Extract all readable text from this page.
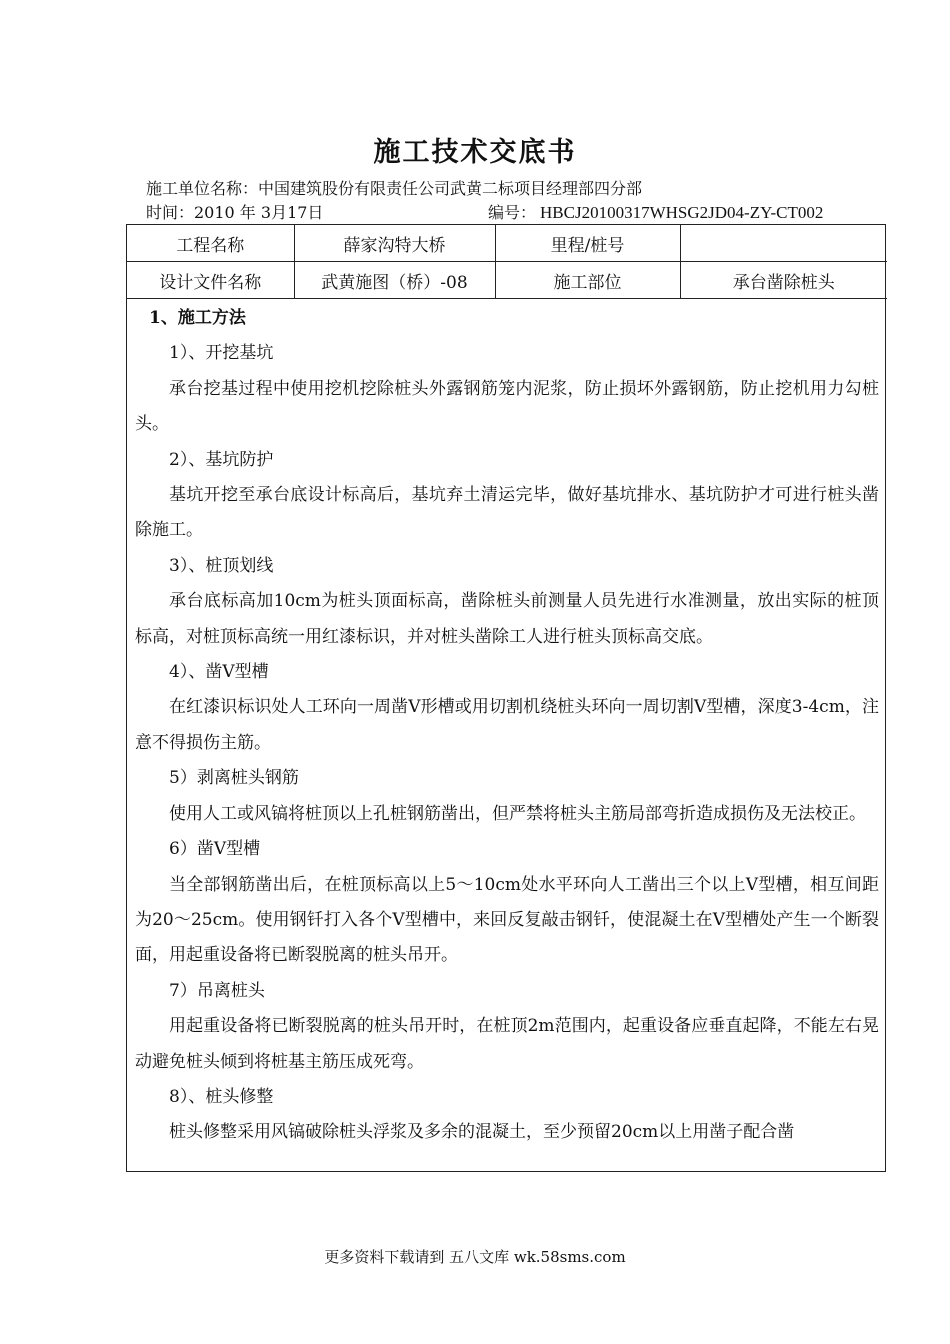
施工技术交底书
施工单位名称：中国建筑股份有限责任公司武黄二标项目经理部四分部
时间：2010 年 3月17日	编号： HBCJ20100317WHSG2JD04-ZY-CT002
工程名称	薛家沟特大桥	里程/桩号	
设计文件名称	武黄施图（桥）-08	施工部位	承台凿除桩头
1、施工方法
1）、开挖基坑
承台挖基过程中使用挖机挖除桩头外露钢筋笼内泥浆，防止损坏外露钢筋，防止挖机用力勾桩头。
2）、基坑防护
基坑开挖至承台底设计标高后，基坑弃土清运完毕，做好基坑排水、基坑防护才可进行桩头凿除施工。
3）、桩顶划线
承台底标高加10cm为桩头顶面标高，凿除桩头前测量人员先进行水准测量，放出实际的桩顶标高，对桩顶标高统一用红漆标识，并对桩头凿除工人进行桩头顶标高交底。
4）、凿V型槽
在红漆识标识处人工环向一周凿V形槽或用切割机绕桩头环向一周切割V型槽，深度3-4cm，注意不得损伤主筋。
5）剥离桩头钢筋
使用人工或风镐将桩顶以上孔桩钢筋凿出，但严禁将桩头主筋局部弯折造成损伤及无法校正。
6）凿V型槽
当全部钢筋凿出后，在桩顶标高以上5～10cm处水平环向人工凿出三个以上V型槽，相互间距为20～25cm。使用钢钎打入各个V型槽中，来回反复敲击钢钎，使混凝土在V型槽处产生一个断裂面，用起重设备将已断裂脱离的桩头吊开。
7）吊离桩头
用起重设备将已断裂脱离的桩头吊开时，在桩顶2m范围内，起重设备应垂直起降，不能左右晃动避免桩头倾到将桩基主筋压成死弯。
8）、桩头修整
桩头修整采用风镐破除桩头浮浆及多余的混凝土，至少预留20cm以上用凿子配合凿
更多资料下载请到 五八文库 wk.58sms.com
